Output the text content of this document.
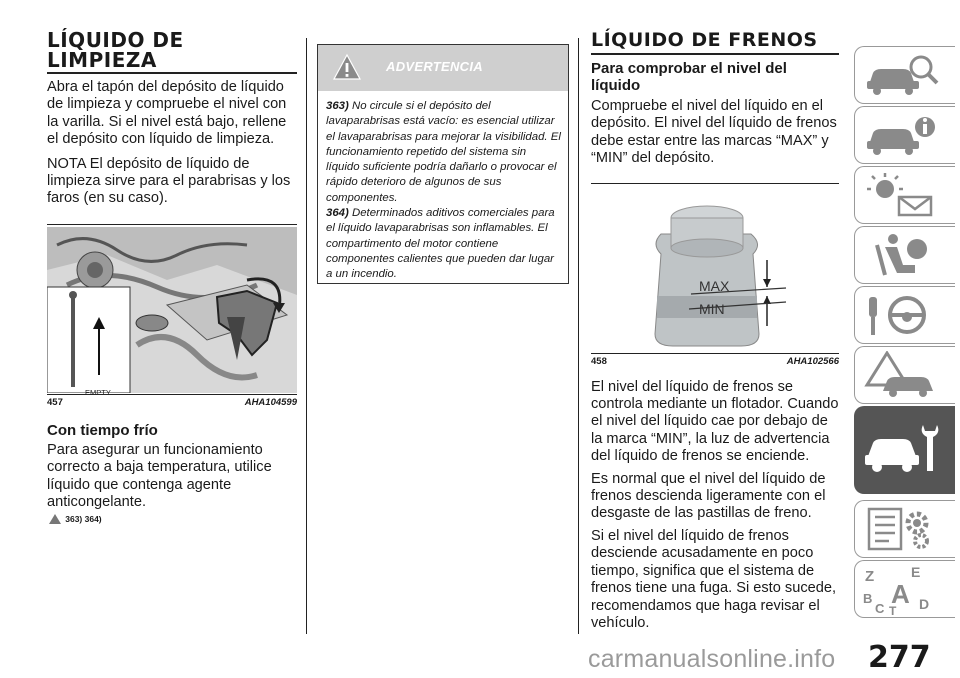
LÍQUIDO DE
LIMPIEZA

Abra el tapón del depósito de líquido de limpieza y compruebe el nivel con la varilla. Si el nivel está bajo, rellene el depósito con líquido de limpieza.

NOTA El depósito de líquido de limpieza sirve para el parabrisas y los faros (en su caso).

EMPTY
457	AHA104599
Con tiempo frío

Para asegurar un funcionamiento correcto a baja temperatura, utilice líquido que contenga agente anticongelante.

363) 364)
ADVERTENCIA
363) No circule si el depósito del lavaparabrisas está vacío: es esencial utilizar el lavaparabrisas para mejorar la visibilidad. El funcionamiento repetido del sistema sin líquido suficiente podría dañarlo o provocar el rápido deterioro de algunos de sus componentes.
364) Determinados aditivos comerciales para el líquido lavaparabrisas son inflamables. El compartimento del motor contiene componentes calientes que pueden dar lugar a un incendio.
LÍQUIDO DE FRENOS
Para comprobar el nivel del líquido

Compruebe el nivel del líquido en el depósito. El nivel del líquido de frenos debe estar entre las marcas “MAX” y “MIN” del depósito.

MAX
MIN
458	AHA102566

El nivel del líquido de frenos se controla mediante un flotador. Cuando el nivel del líquido cae por debajo de la marca “MIN”, la luz de advertencia del líquido de frenos se enciende.

Es normal que el nivel del líquido de frenos descienda ligeramente con el desgaste de las pastillas de freno.

Si el nivel del líquido de frenos desciende acusadamente en poco tiempo, significa que el sistema de frenos tiene una fuga. Si esto sucede, recomendamos que haga revisar el vehículo.

Z	E
B A
C D
T
carmanualsonline.info 277
